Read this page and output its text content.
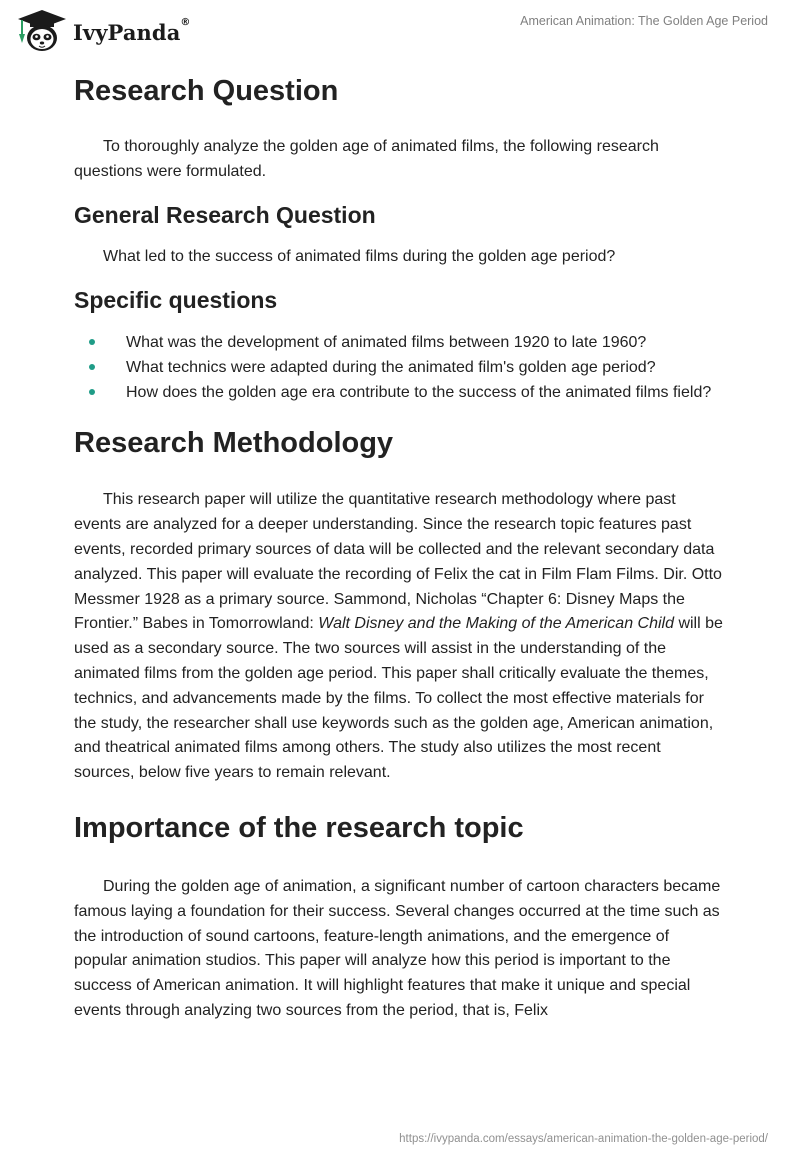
IvyPanda®	American Animation: The Golden Age Period
Research Question

To thoroughly analyze the golden age of animated films, the following research questions were formulated.

General Research Question

What led to the success of animated films during the golden age period?

Specific questions
What was the development of animated films between 1920 to late 1960?
What technics were adapted during the animated film's golden age period?
How does the golden age era contribute to the success of the animated films field?
Research Methodology

This research paper will utilize the quantitative research methodology where past events are analyzed for a deeper understanding. Since the research topic features past events, recorded primary sources of data will be collected and the relevant secondary data analyzed. This paper will evaluate the recording of Felix the cat in Film Flam Films. Dir. Otto Messmer 1928 as a primary source. Sammond, Nicholas “Chapter 6: Disney Maps the Frontier.” Babes in Tomorrowland: Walt Disney and the Making of the American Child will be used as a secondary source. The two sources will assist in the understanding of the animated films from the golden age period. This paper shall critically evaluate the themes, technics, and advancements made by the films. To collect the most effective materials for the study, the researcher shall use keywords such as the golden age, American animation, and theatrical animated films among others. The study also utilizes the most recent sources, below five years to remain relevant.

Importance of the research topic

During the golden age of animation, a significant number of cartoon characters became famous laying a foundation for their success. Several changes occurred at the time such as the introduction of sound cartoons, feature-length animations, and the emergence of popular animation studios. This paper will analyze how this period is important to the success of American animation. It will highlight features that make it unique and special events through analyzing two sources from the period, that is, Felix

https://ivypanda.com/essays/american-animation-the-golden-age-period/
